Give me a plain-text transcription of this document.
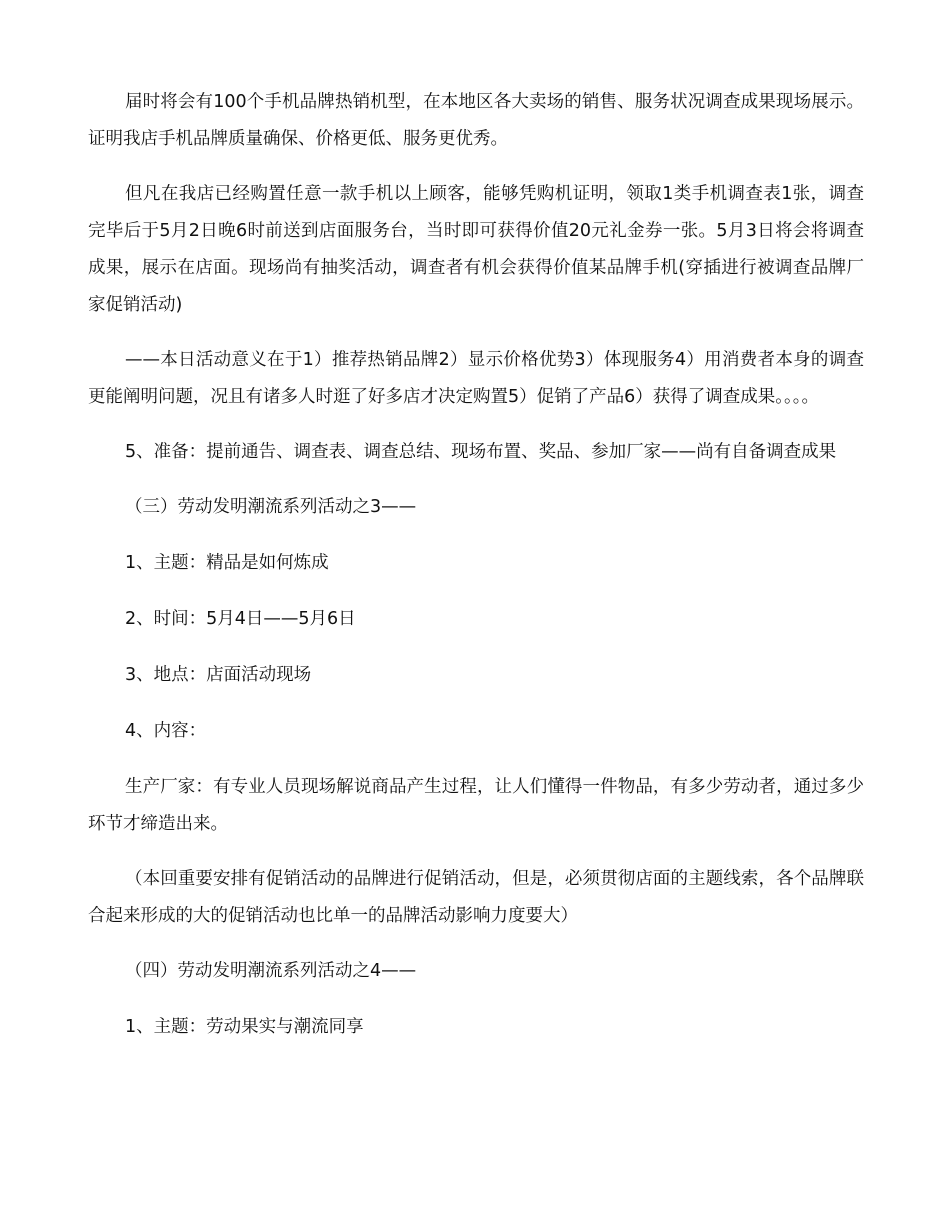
届时将会有100个手机品牌热销机型，在本地区各大卖场的销售、服务状况调查成果现场展示。证明我店手机品牌质量确保、价格更低、服务更优秀。

但凡在我店已经购置任意一款手机以上顾客，能够凭购机证明，领取1类手机调查表1张，调查完毕后于5月2日晚6时前送到店面服务台，当时即可获得价值20元礼金券一张。5月3日将会将调查成果，展示在店面。现场尚有抽奖活动，调查者有机会获得价值某品牌手机(穿插进行被调查品牌厂家促销活动)

——本日活动意义在于1）推荐热销品牌2）显示价格优势3）体现服务4）用消费者本身的调查更能阐明问题，况且有诸多人时逛了好多店才决定购置5）促销了产品6）获得了调查成果。。。。

5、准备：提前通告、调查表、调查总结、现场布置、奖品、参加厂家——尚有自备调查成果

（三）劳动发明潮流系列活动之3——

1、主题：精品是如何炼成

2、时间：5月4日——5月6日

3、地点：店面活动现场

4、内容：

生产厂家：有专业人员现场解说商品产生过程，让人们懂得一件物品，有多少劳动者，通过多少环节才缔造出来。

（本回重要安排有促销活动的品牌进行促销活动，但是，必须贯彻店面的主题线索，各个品牌联合起来形成的大的促销活动也比单一的品牌活动影响力度要大）

（四）劳动发明潮流系列活动之4——

1、主题：劳动果实与潮流同享
